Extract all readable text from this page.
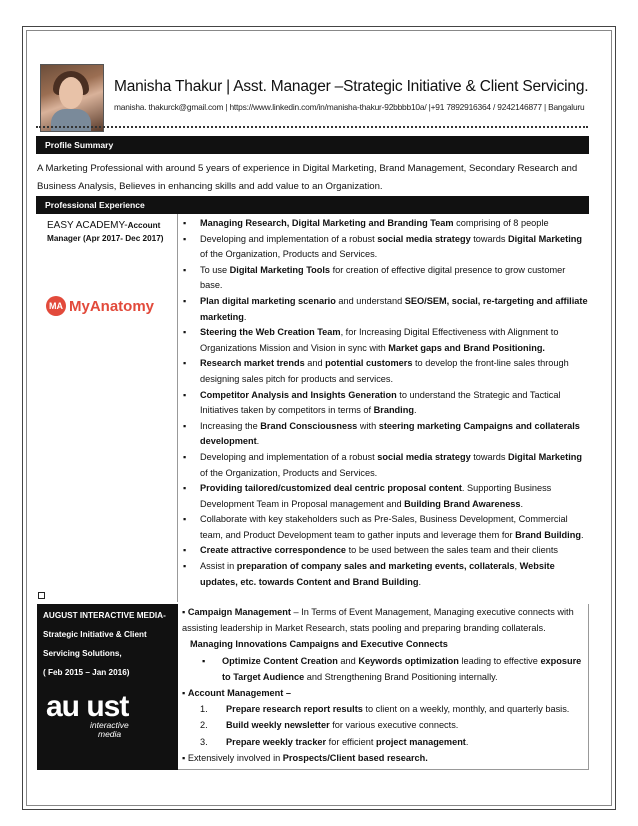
Manisha Thakur | Asst. Manager –Strategic Initiative & Client Servicing.
manisha. thakurck@gmail.com | https://www.linkedin.com/in/manisha-thakur-92bbbb10a/ |+91 7892916364 / 9242146877 | Bangaluru
Profile Summary
A Marketing Professional with around 5 years of experience in Digital Marketing, Brand Management, Secondary Research and Business Analysis, Believes in enhancing skills and add value to an Organization.
Professional Experience
EASY ACADEMY-Account
Manager (Apr 2017- Dec 2017)
MA MyAnatomy
▪ Managing Research, Digital Marketing and Branding Team comprising of 8 people
▪ Developing and implementation of a robust social media strategy towards Digital Marketing of the Organization, Products and Services.
▪ To use Digital Marketing Tools for creation of effective digital presence to grow customer base.
▪ Plan digital marketing scenario and understand SEO/SEM, social, re-targeting and affiliate marketing.
▪ Steering the Web Creation Team, for Increasing Digital Effectiveness with Alignment to Organizations Mission and Vision in sync with Market gaps and Brand Positioning.
▪ Research market trends and potential customers to develop the front-line sales through designing sales pitch for products and services.
▪ Competitor Analysis and Insights Generation to understand the Strategic and Tactical Initiatives taken by competitors in terms of Branding.
▪ Increasing the Brand Consciousness with steering marketing Campaigns and collaterals development.
▪ Developing and implementation of a robust social media strategy towards Digital Marketing of the Organization, Products and Services.
▪ Providing tailored/customized deal centric proposal content. Supporting Business Development Team in Proposal management and Building Brand Awareness.
▪ Collaborate with key stakeholders such as Pre-Sales, Business Development, Commercial team, and Product Development team to gather inputs and leverage them for Brand Building.
▪ Create attractive correspondence to be used between the sales team and their clients
▪ Assist in preparation of company sales and marketing events, collaterals, Website updates, etc. towards Content and Brand Building.
AUGUST INTERACTIVE MEDIA-
Strategic Initiative & Client
Servicing Solutions,
( Feb 2015 – Jan 2016)
au ust
interactive
media
▪ Campaign Management – In Terms of Event Management, Managing executive connects with assisting leadership in Market Research, stats pooling and preparing branding collaterals.
Managing Innovations Campaigns and Executive Connects
▪ Optimize Content Creation and Keywords optimization leading to effective exposure to Target Audience and Strengthening Brand Positioning internally.
▪ Account Management –
1. Prepare research report results to client on a weekly, monthly, and quarterly basis.
2. Build weekly newsletter for various executive connects.
3. Prepare weekly tracker for efficient project management.
▪ Extensively involved in Prospects/Client based research.
